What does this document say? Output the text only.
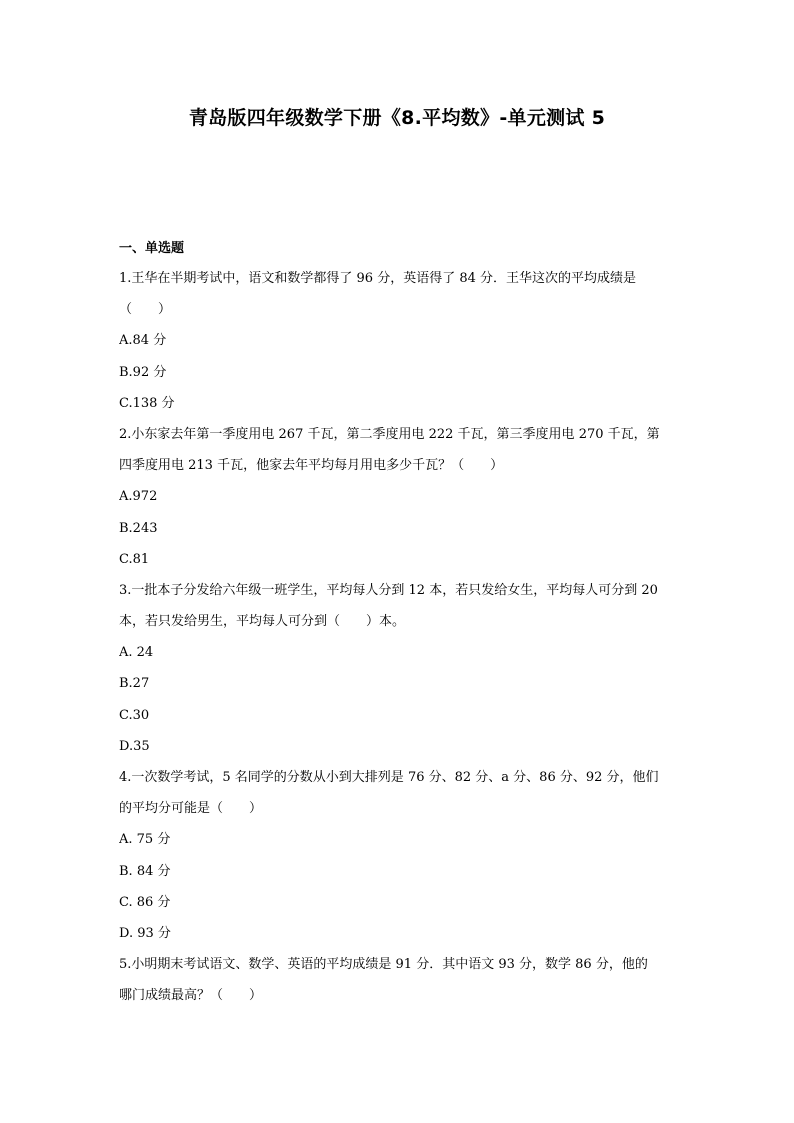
青岛版四年级数学下册《8.平均数》-单元测试 5
一、单选题
1.王华在半期考试中，语文和数学都得了 96 分，英语得了 84 分．王华这次的平均成绩是
（　　）
A.84 分
B.92 分
C.138 分
2.小东家去年第一季度用电 267 千瓦，第二季度用电 222 千瓦，第三季度用电 270 千瓦，第
四季度用电 213 千瓦，他家去年平均每月用电多少千瓦？（　　）
A.972
B.243
C.81
3.一批本子分发给六年级一班学生，平均每人分到 12 本，若只发给女生，平均每人可分到 20
本，若只发给男生，平均每人可分到（　　）本。
A. 24
B.27
C.30
D.35
4.一次数学考试，5 名同学的分数从小到大排列是 76 分、82 分、a 分、86 分、92 分，他们
的平均分可能是（　　）
A. 75 分
B. 84 分
C. 86 分
D. 93 分
5.小明期末考试语文、数学、英语的平均成绩是 91 分．其中语文 93 分，数学 86 分，他的
哪门成绩最高？（　　）
